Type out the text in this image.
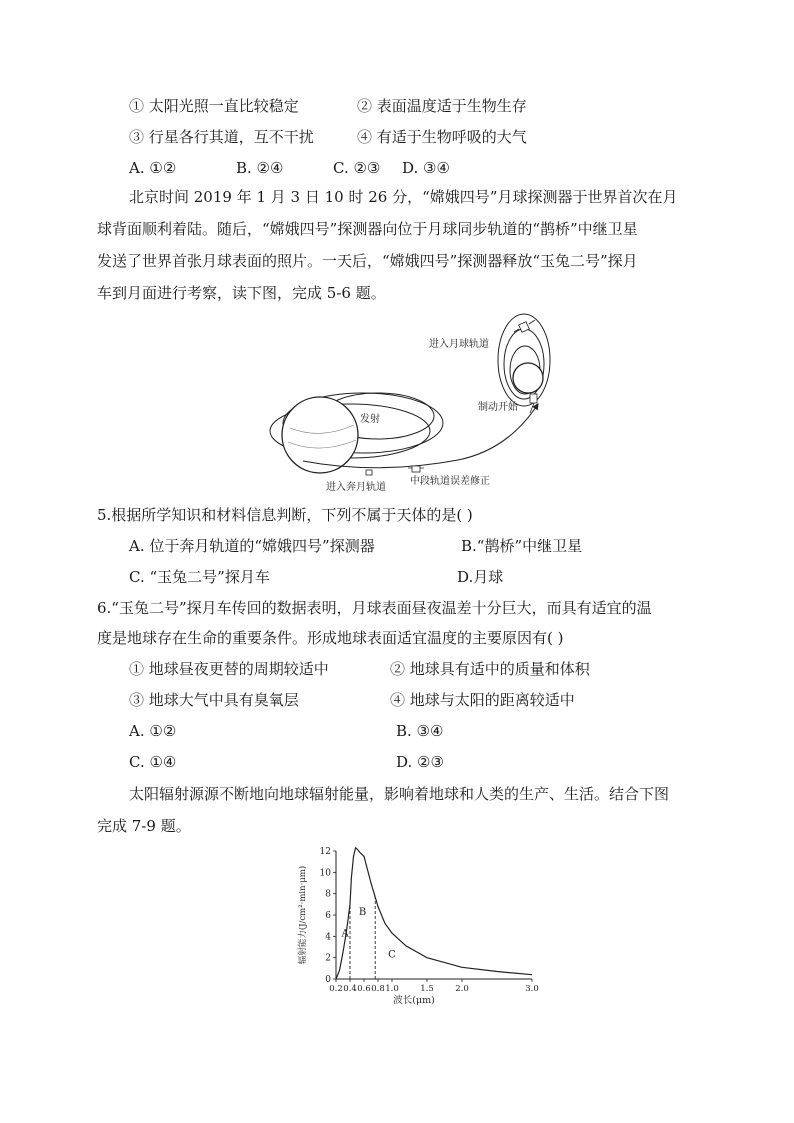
① 太阳光照一直比较稳定	② 表面温度适于生物生存
③ 行星各行其道，互不干扰	④ 有适于生物呼吸的大气
A. ①②	B. ②④	C. ②③ D. ③④
北京时间 2019 年 1 月 3 日 10 时 26 分，“嫦娥四号”月球探测器于世界首次在月
球背面顺利着陆。随后，“嫦娥四号”探测器向位于月球同步轨道的“鹊桥”中继卫星
发送了世界首张月球表面的照片。一天后，“嫦娥四号”探测器释放“玉兔二号”探月
车到月面进行考察，读下图，完成 5-6 题。
进入月球轨道
制动开始
发射
进入奔月轨道
中段轨道误差修正
5.根据所学知识和材料信息判断，下列不属于天体的是( )
A. 位于奔月轨道的“嫦娥四号”探测器	B.“鹊桥”中继卫星
C. “玉兔二号”探月车	D.月球
6.“玉兔二号”探月车传回的数据表明，月球表面昼夜温差十分巨大，而具有适宜的温
度是地球存在生命的重要条件。形成地球表面适宜温度的主要原因有( )
① 地球昼夜更替的周期较适中	② 地球具有适中的质量和体积
③ 地球大气中具有臭氧层	④ 地球与太阳的距离较适中
A. ①②	B. ③④
C. ①④	D. ②③
太阳辐射源源不断地向地球辐射能量，影响着地球和人类的生产、生活。结合下图
完成 7-9 题。
0
2
4
6
8
10
12
0.2 0.4 0.6 0.8 1.0	1.5	2.0	3.0
A
B
C
波长(μm)
辐射能力(J/cm²·min·μm)
